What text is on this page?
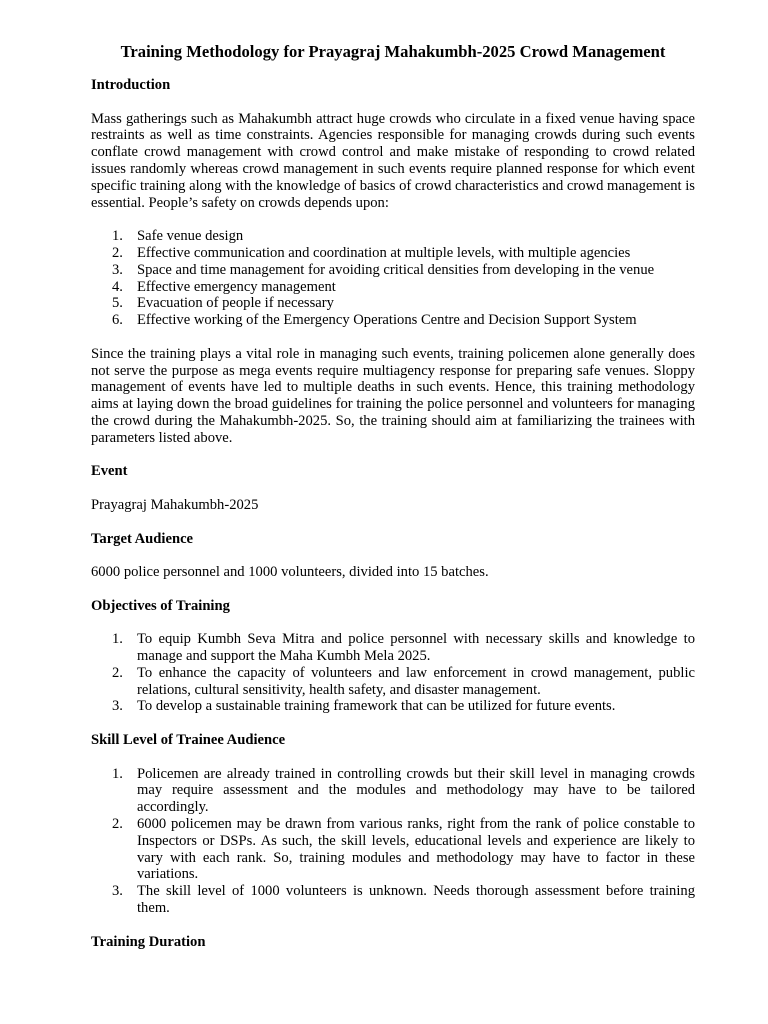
Training Methodology for Prayagraj Mahakumbh-2025 Crowd Management
Introduction

Mass gatherings such as Mahakumbh attract huge crowds who circulate in a fixed venue having space restraints as well as time constraints. Agencies responsible for managing crowds during such events conflate crowd management with crowd control and make mistake of responding to crowd related issues randomly whereas crowd management in such events require planned response for which event specific training along with the knowledge of basics of crowd characteristics and crowd management is essential. People’s safety on crowds depends upon:

1. Safe venue design
2. Effective communication and coordination at multiple levels, with multiple agencies
3. Space and time management for avoiding critical densities from developing in the venue
4. Effective emergency management
5. Evacuation of people if necessary
6. Effective working of the Emergency Operations Centre and Decision Support System

Since the training plays a vital role in managing such events, training policemen alone generally does not serve the purpose as mega events require multiagency response for preparing safe venues. Sloppy management of events have led to multiple deaths in such events. Hence, this training methodology aims at laying down the broad guidelines for training the police personnel and volunteers for managing the crowd during the Mahakumbh-2025. So, the training should aim at familiarizing the trainees with parameters listed above.

Event

Prayagraj Mahakumbh-2025

Target Audience

6000 police personnel and 1000 volunteers, divided into 15 batches.

Objectives of Training
1. To equip Kumbh Seva Mitra and police personnel with necessary skills and knowledge to manage and support the Maha Kumbh Mela 2025.
2. To enhance the capacity of volunteers and law enforcement in crowd management, public relations, cultural sensitivity, health safety, and disaster management.
3. To develop a sustainable training framework that can be utilized for future events.
Skill Level of Trainee Audience
1. Policemen are already trained in controlling crowds but their skill level in managing crowds may require assessment and the modules and methodology may have to be tailored accordingly.
2. 6000 policemen may be drawn from various ranks, right from the rank of police constable to Inspectors or DSPs. As such, the skill levels, educational levels and experience are likely to vary with each rank. So, training modules and methodology may have to factor in these variations.
3. The skill level of 1000 volunteers is unknown. Needs thorough assessment before training them.
Training Duration
